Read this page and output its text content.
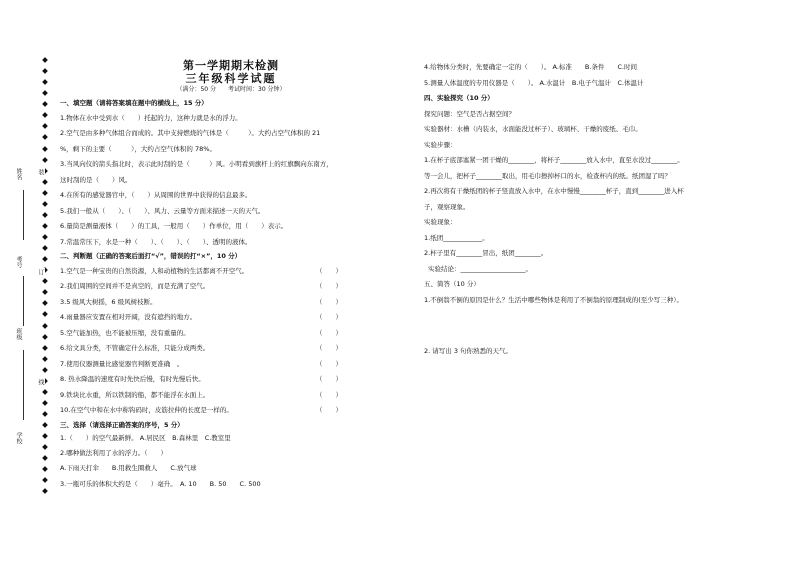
姓名
考号
班级
学校
装
订
线
第一学期期末检测
三年级科学试题
（满分：50 分　　考试时间：30 分钟）
一、填空题（请将答案填在题中的横线上，15 分）
1.物体在水中受到水（　　）托起的力，这种力就是水的浮力。
2.空气是由多种气体组合而成的。其中支持燃烧的气体是（　　　）。大约占空气体积的 21
%，剩下的主要（　　　），大约占空气体积的 78%。
3.当风向仪的箭头指北时，表示此时刮的是（　　　）风。小明看到旗杆上的红旗飘向东南方，
这时刮的是（　　）风。
4.在所有的感觉器官中，（　　）从周围的世界中获得的信息最多。
5.我们一般从（　　）、（　　）、风力、云量等方面来描述一天的天气。
6.量筒是测量液体（　　）的工具，一般用（　　）作单位，用（　　）表示。
7.常温常压下，水是一种（　　）、（　　）、（　　）、透明的液体。
二、判断题（正确的答案后面打“√”，错误的打“×”，10 分）
1.空气是一种宝贵的自然资源，人和动植物的生活都离不开空气。	（　　）
2.我们周围的空间并不是真空的，而是充满了空气。	（　　）
3.5 级风大树摇，6 级风树枝断。	（　　）
4.雨量器应安置在相对开阔，没有遮挡的地方。	（　　）
5.空气能加热，也不能被压缩，没有重量的。	（　　）
6.给文具分类，不管确定什么标准，只能分成两类。	（　　）
7.使用仪器测量比感觉器官判断更准确　。	（　　）
8. 热水降温的速度有时先快后慢，有时先慢后快。	（　　）
9.铁块比水重，所以铁制的船，都不能浮在水面上。	（　　）
10.在空气中和在水中称钩码时，皮筋拉伸的长度是一样的。	（　　）
三、选择（请选择正确答案的序号，5 分）
1.（　　）的空气最新鲜。 A.居民区　B.森林里　C.教室里
2.哪种做法利用了水的浮力。（　　）
A.下雨天打伞　　B.用救生圈救人　　C.放气球
3.一瓶可乐的体积大约是（　　）毫升。　A. 10　　B. 50　　C. 500
4.给物体分类时，先要确定一定的（　　）。 A.标准　　B.条件　　C.时间
5.测量人体温度的专用仪器是（　　）。 A.水温计　B.电子气温计　C.体温计
四、实验探究（10 分）
探究问题：空气是否占据空间？
实验器材：水槽（内装水，水面能没过杯子）、玻璃杯、干燥的废纸、毛巾。
实验步骤：
1.在杯子底部塞紧一团干燥的________，将杯子________放入水中，直至水没过________。
等一会儿，把杯子________取出，用毛巾擦掉杯口的水，检查杯内的纸。纸团湿了吗？
2.再次将有干燥纸团的杯子竖直放入水中，在水中慢慢________杯子，直到________进入杯
子，观察现象。
实验现象：
1.纸团____________。
2.杯子里有________冒出，纸团________。
实验结论：____________________。
五、简答（10 分）
1.不倒翁不倒的原因是什么？生活中哪些物体是利用了不倒翁的原理制成的(至少写三种）。
2. 请写出 3 句你熟悉的天气。
